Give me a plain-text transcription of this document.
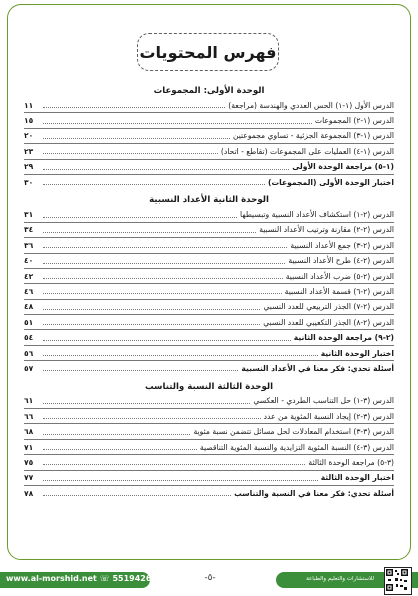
فهرس المحتويات
الوحدة الأولى: المجموعات
الدرس الأول (١-١) الحس العددي والهندسة (مراجعة)
١١
الدرس (١-٢) المجموعات
١٥
الدرس (١-٣) المجموعة الجزئية - تساوي مجموعتين
٢٠
الدرس (١-٤) العمليات على المجموعات (تقاطع - اتحاد)
٢٣
(١-٥) مراجعة الوحدة الأولى
٢٩
اختبار الوحدة الأولى (المجموعات)
٣٠
الوحدة الثانية الأعداد النسبية
الدرس (٢-١) استكشاف الأعداد النسبية وتبسيطها
٣١
الدرس (٢-٢) مقارنة وترتيب الأعداد النسبية
٣٤
الدرس (٢-٣) جمع الأعداد النسبية
٣٦
الدرس (٢-٤) طرح الأعداد النسبية
٤٠
الدرس (٢-٥) ضرب الأعداد النسبية
٤٢
الدرس (٢-٦) قسمة الأعداد النسبية
٤٦
الدرس (٢-٧) الجذر التربيعي للعدد النسبي
٤٨
الدرس (٢-٨) الجذر التكعيبي للعدد النسبي
٥١
(٢-٩) مراجعة الوحدة الثانية
٥٤
اختبار الوحدة الثانية
٥٦
أسئلة تحدي: فكر معنا في الأعداد النسبية
٥٧
الوحدة الثالثة النسبة والتناسب
الدرس (٣-١) حل التناسب الطردي - العكسي
٦١
الدرس (٣-٢) إيجاد النسبة المئوية من عدد
٦٦
الدرس (٣-٣) استخدام المعادلات لحل مسائل تتضمن نسبة مئوية
٦٨
الدرس (٣-٤) النسبة المئوية التزايدية والنسبة المئوية التناقصية
٧١
(٣-٥) مراجعة الوحدة الثالثة
٧٥
اختبار الوحدة الثالثة
٧٧
أسئلة تحدي: فكر معنا في النسبة والتناسب
٧٨
www.al-morshid.net ☏ 55194267	-٥-	للاستشارات والتعليم والطباعة
